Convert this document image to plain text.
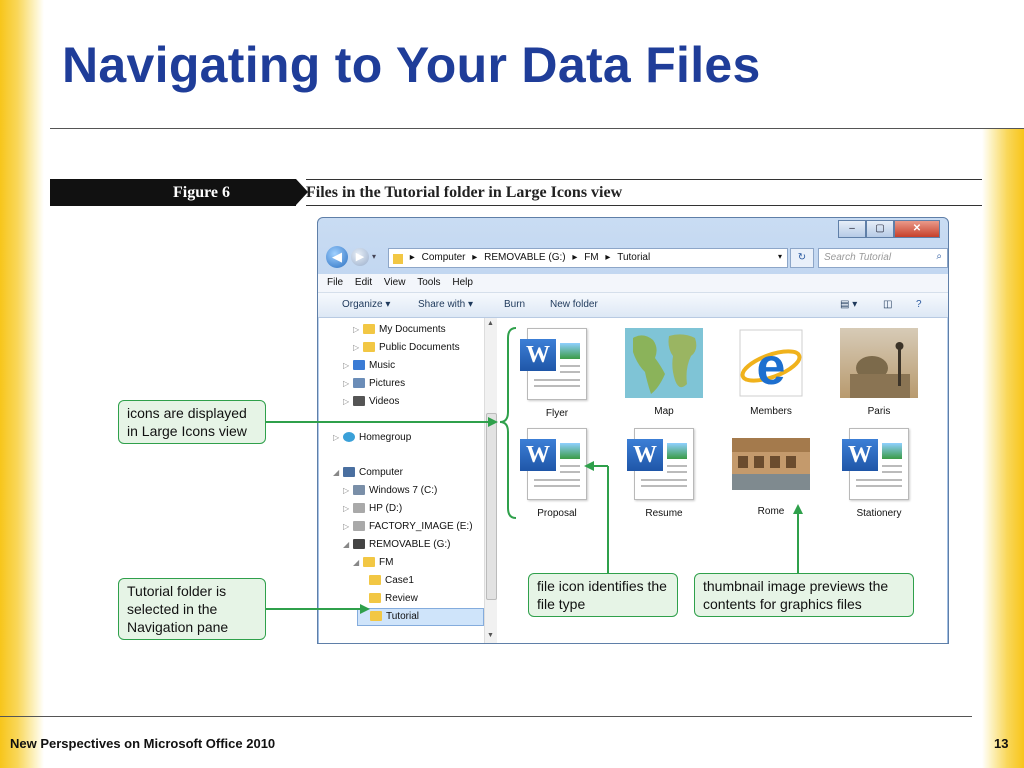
Navigating to Your Data Files
Figure 6	Files in the Tutorial folder in Large Icons view
–	▢	✕
◀	▶ ▾	▸ Computer ▸ REMOVABLE (G:) ▸ FM ▸ Tutorial	▾	↻	Search Tutorial	⌕
File Edit View Tools Help
Organize ▾	Share with ▾	Burn New folder	▤ ▾	◫ ?
▷ My Documents
▷ Public Documents
▷ Music
▷ Pictures
▷ Videos
▷ Homegroup
◢ Computer
▷ Windows 7 (C:)
▷ HP (D:)
▷ FACTORY_IMAGE (E:)
◢ REMOVABLE (G:)
◢ FM
Case1
Review
Tutorial
▲
▼
W
Flyer	Map
e
Members	Paris
W
Proposal
W
Resume	Rome
W
Stationery
icons are displayed in Large Icons view
Tutorial folder is selected in the Navigation pane
file icon identifies the file type
thumbnail image previews the contents for graphics files
New Perspectives on Microsoft Office 2010	13
